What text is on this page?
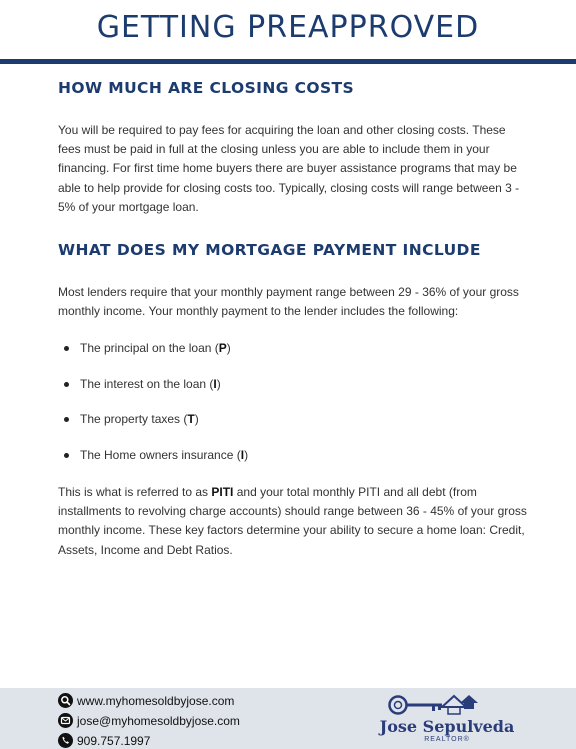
GETTING PREAPPROVED
HOW MUCH ARE CLOSING COSTS

You will be required to pay fees for acquiring the loan and other closing costs. These fees must be paid in full at the closing unless you are able to include them in your financing. For first time home buyers there are buyer assistance programs that may be able to help provide for closing costs too. Typically, closing costs will range between 3 - 5% of your mortgage loan.

WHAT DOES MY MORTGAGE PAYMENT INCLUDE

Most lenders require that your monthly payment range between 29 - 36% of your gross monthly income. Your monthly payment to the lender includes the following:

The principal on the loan (P)
The interest on the loan (I)
The property taxes (T)
The Home owners insurance (I)

This is what is referred to as PITI and your total monthly PITI and all debt (from installments to revolving charge accounts) should range between 36 - 45% of your gross monthly income. These key factors determine your ability to secure a home loan: Credit, Assets, Income and Debt Ratios.

www.myhomesoldbyjose.com
jose@myhomesoldbyjose.com
909.757.1997
Jose Sepulveda
REALTOR®
